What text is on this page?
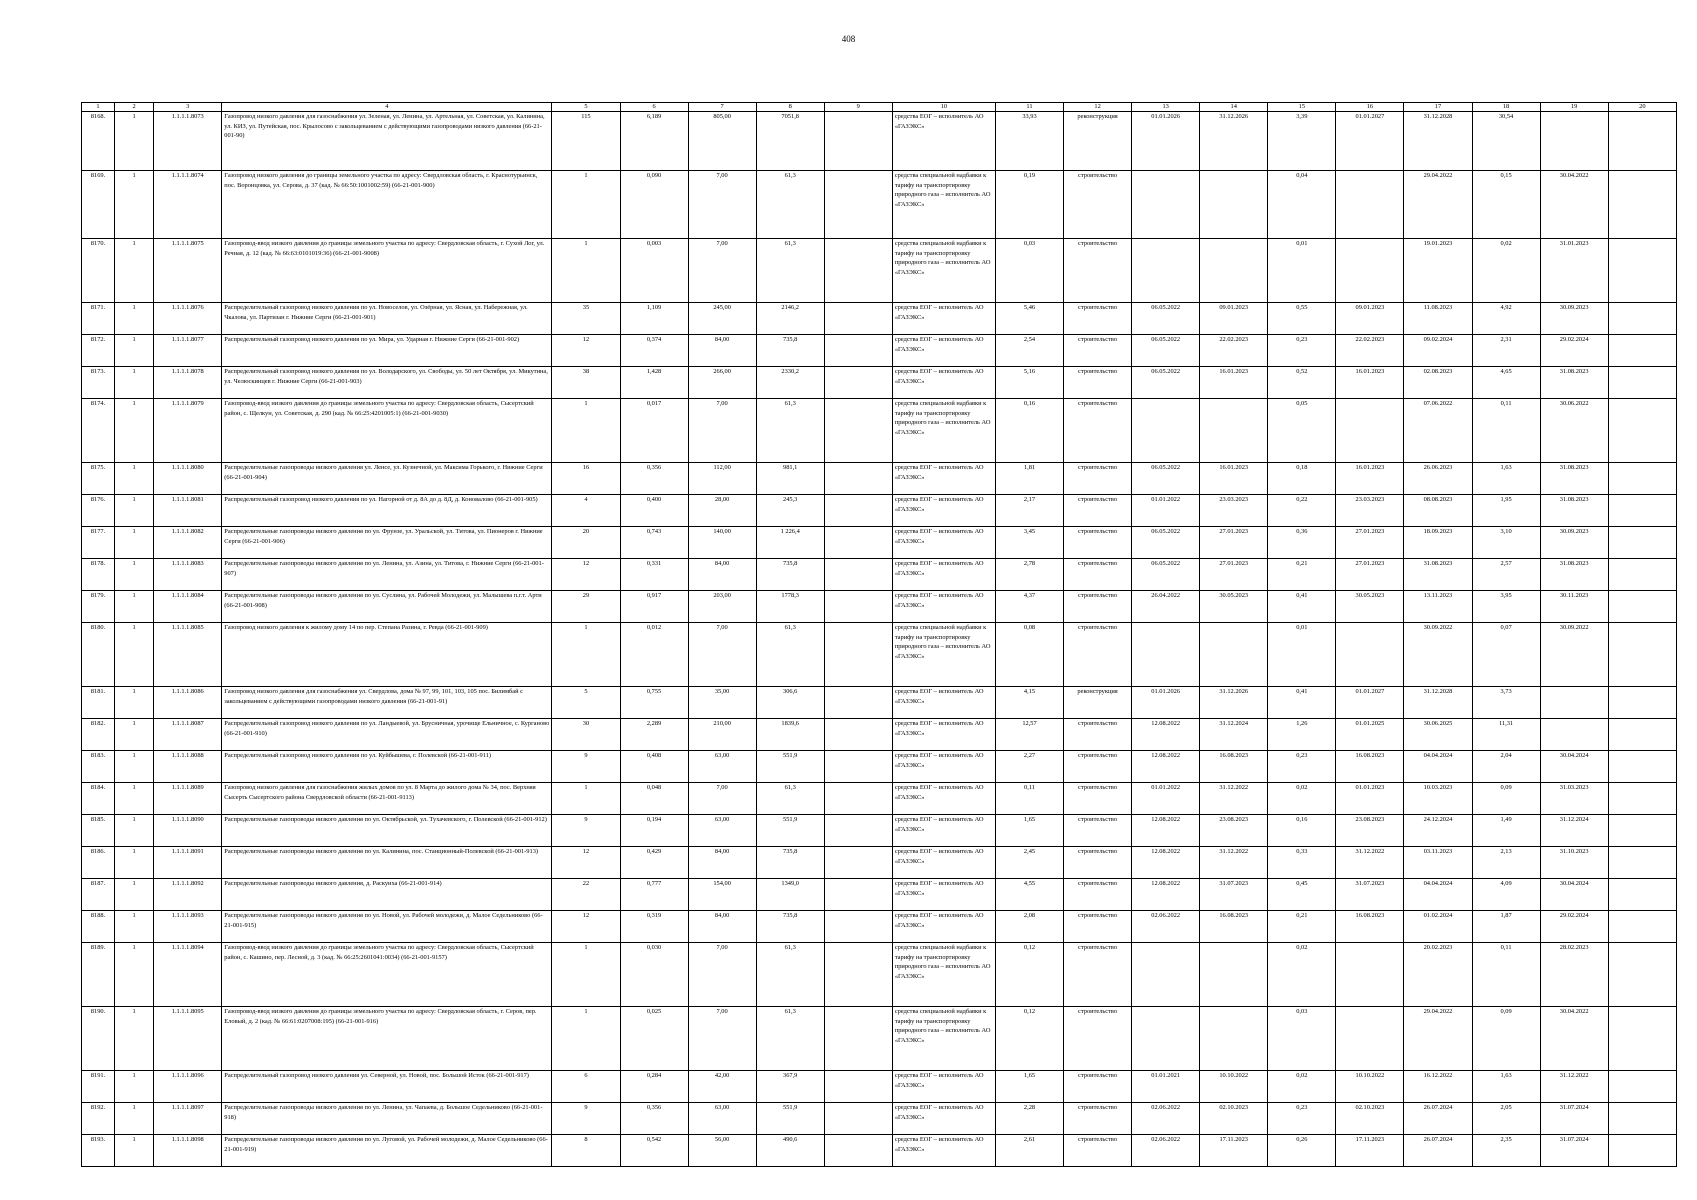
408
1	2	3	4	5	6	7	8	9	10	11	12	13	14	15	16	17	18	19	20
8168.	1	1.1.1.1.8073	Газопровод низкого давления для газоснабжения ул. Зеленая, ул. Ленина, ул. Артельная, ул. Советская, ул. Калинина, ул. КИЗ, ул. Путейская, пос. Крылосово с закольцеванием с действующими газопроводами низкого давления (66-21-001-90)	115	6,189	805,00	7051,8		средства ЕОГ – исполнитель АО «ГАЗЭКС»	33,93	реконструкция	01.01.2026	31.12.2026	3,39	01.01.2027	31.12.2028	30,54		
8169.	1	1.1.1.1.8074	Газопровод низкого давления до границы земельного участка по адресу: Свердловская область, г. Краснотурьинск, пос. Воронцовка, ул. Серова, д. 37 (кад. № 66:50:1001002:59) (66-21-001-900)	1	0,090	7,00	61,3		средства специальной надбавки к тарифу на транспортировку природного газа – исполнитель АО «ГАЗЭКС»	0,19	строительство			0,04		29.04.2022	0,15	30.04.2022	
8170.	1	1.1.1.1.8075	Газопровод-ввод низкого давления до границы земельного участка по адресу: Свердловская область, г. Сухой Лог, ул. Речная, д. 12 (кад. № 66:63:0101019:36) (66-21-001-9008)	1	0,003	7,00	61,3		средства специальной надбавки к тарифу на транспортировку природного газа – исполнитель АО «ГАЗЭКС»	0,03	строительство			0,01		19.01.2023	0,02	31.01.2023	
8171.	1	1.1.1.1.8076	Распределительный газопровод низкого давления по ул. Новоселов, ул. Озёрная, ул. Ясная, ул. Набережная, ул. Чкалова, ул. Партизан г. Нижние Серги (66-21-001-901)	35	1,109	245,00	2146,2		средства ЕОГ – исполнитель АО «ГАЗЭКС»	5,46	строительство	06.05.2022	09.01.2023	0,55	09.01.2023	11.08.2023	4,92	30.09.2023	
8172.	1	1.1.1.1.8077	Распределительный газопровод низкого давления по ул. Мира, ул. Ударная г. Нижние Серги (66-21-001-902)	12	0,374	84,00	735,8		средства ЕОГ – исполнитель АО «ГАЗЭКС»	2,54	строительство	06.05.2022	22.02.2023	0,23	22.02.2023	09.02.2024	2,31	29.02.2024	
8173.	1	1.1.1.1.8078	Распределительный газопровод низкого давления по ул. Володарского, ул. Свободы, ул. 50 лет Октября, ул. Микутина, ул. Челюскинцев г. Нижние Серги (66-21-001-903)	38	1,428	266,00	2330,2		средства ЕОГ – исполнитель АО «ГАЗЭКС»	5,16	строительство	06.05.2022	16.01.2023	0,52	16.01.2023	02.08.2023	4,65	31.08.2023	
8174.	1	1.1.1.1.8079	Газопровод-ввод низкого давления до границы земельного участка по адресу: Свердловская область, Сысертский район, с. Щелкун, ул. Советская, д. 290 (кад. № 66:25:4201005:1) (66-21-001-9030)	1	0,017	7,00	61,3		средства специальной надбавки к тарифу на транспортировку природного газа – исполнитель АО «ГАЗЭКС»	0,16	строительство			0,05		07.06.2022	0,11	30.06.2022	
8175.	1	1.1.1.1.8080	Распределительные газопроводы низкого давления ул. Ленсе, ул. Кузнечной, ул. Максима Горького, г. Нижние Серги (66-21-001-904)	16	0,356	112,00	981,1		средства ЕОГ – исполнитель АО «ГАЗЭКС»	1,81	строительство	06.05.2022	16.01.2023	0,18	16.01.2023	26.06.2023	1,63	31.08.2023	
8176.	1	1.1.1.1.8081	Распределительный газопровод низкого давления по ул. Нагорной от д. 8А до д. 8Д, д. Коновалово (66-21-001-905)	4	0,400	28,00	245,3		средства ЕОГ – исполнитель АО «ГАЗЭКС»	2,17	строительство	01.01.2022	23.03.2023	0,22	23.03.2023	08.08.2023	1,95	31.08.2023	
8177.	1	1.1.1.1.8082	Распределительные газопроводы низкого давления по ул. Фрунзе, ул. Уральской, ул. Титова, ул. Пионеров г. Нижние Серги (66-21-001-906)	20	0,743	140,00	1 226,4		средства ЕОГ – исполнитель АО «ГАЗЭКС»	3,45	строительство	06.05.2022	27.01.2023	0,36	27.01.2023	18.09.2023	3,10	30.09.2023	
8178.	1	1.1.1.1.8083	Распределительные газопроводы низкого давления по ул. Ленина, ул. Азина, ул. Титова, г. Нижние Серги (66-21-001-907)	12	0,331	84,00	735,8		средства ЕОГ – исполнитель АО «ГАЗЭКС»	2,78	строительство	06.05.2022	27.01.2023	0,21	27.01.2023	31.08.2023	2,57	31.08.2023	
8179.	1	1.1.1.1.8084	Распределительные газопроводы низкого давления по ул. Суслина, ул. Рабочей Молодежи, ул. Малышева п.г.т. Арти (66-21-001-908)	29	0,917	203,00	1778,3		средства ЕОГ – исполнитель АО «ГАЗЭКС»	4,37	строительство	26.04.2022	30.05.2023	0,41	30.05.2023	13.11.2023	3,95	30.11.2023	
8180.	1	1.1.1.1.8085	Газопровод низкого давления к жилому дому 14 по пер. Степана Разина, г. Ревда (66-21-001-909)	1	0,012	7,00	61,3		средства специальной надбавки к тарифу на транспортировку природного газа – исполнитель АО «ГАЗЭКС»	0,08	строительство			0,01		30.09.2022	0,07	30.09.2022	
8181.	1	1.1.1.1.8086	Газопровод низкого давления для газоснабжения ул. Свердлова, дома № 97, 99, 101, 103, 105 пос. Билимбай с закольцеванием с действующими газопроводами низкого давления (66-21-001-91)	5	0,755	35,00	306,6		средства ЕОГ – исполнитель АО «ГАЗЭКС»	4,15	реконструкция	01.01.2026	31.12.2026	0,41	01.01.2027	31.12.2028	3,73		
8182.	1	1.1.1.1.8087	Распределительный газопровод низкого давления по ул. Ландыевой, ул. Брусничная, урочище Ельничное, с. Курганово (66-21-001-910)	30	2,289	210,00	1839,6		средства ЕОГ – исполнитель АО «ГАЗЭКС»	12,57	строительство	12.08.2022	31.12.2024	1,26	01.01.2025	30.06.2025	11,31		
8183.	1	1.1.1.1.8088	Распределительный газопровод низкого давления по ул. Куйбышева, г. Полевской (66-21-001-911)	9	0,408	63,00	551,9		средства ЕОГ – исполнитель АО «ГАЗЭКС»	2,27	строительство	12.08.2022	16.08.2023	0,23	16.08.2023	04.04.2024	2,04	30.04.2024	
8184.	1	1.1.1.1.8089	Газопровод низкого давления для газоснабжения жилых домов по ул. 8 Марта до жилого дома № 34, пос. Верхняя Сысерть Сысертского района Свердловской области (66-21-001-9113)	1	0,048	7,00	61,3		средства ЕОГ – исполнитель АО «ГАЗЭКС»	0,11	строительство	01.01.2022	31.12.2022	0,02	01.01.2023	10.03.2023	0,09	31.03.2023	
8185.	1	1.1.1.1.8090	Распределительные газопроводы низкого давления по ул. Октябрьской, ул. Тухачевского, г. Полевской (66-21-001-912)	9	0,194	63,00	551,9		средства ЕОГ – исполнитель АО «ГАЗЭКС»	1,65	строительство	12.08.2022	23.08.2023	0,16	23.08.2023	24.12.2024	1,49	31.12.2024	
8186.	1	1.1.1.1.8091	Распределительные газопроводы низкого давления по ул. Калинина, пос. Станционный-Полевской (66-21-001-913)	12	0,429	84,00	735,8		средства ЕОГ – исполнитель АО «ГАЗЭКС»	2,45	строительство	12.08.2022	31.12.2022	0,33	31.12.2022	03.11.2023	2,13	31.10.2023	
8187.	1	1.1.1.1.8092	Распределительные газопроводы низкого давления, д. Раскуиха (66-21-001-914)	22	0,777	154,00	1349,0		средства ЕОГ – исполнитель АО «ГАЗЭКС»	4,55	строительство	12.08.2022	31.07.2023	0,45	31.07.2023	04.04.2024	4,09	30.04.2024	
8188.	1	1.1.1.1.8093	Распределительные газопроводы низкого давления по ул. Новой, ул. Рабочей молодежи, д. Малое Седельниково (66-21-001-915)	12	0,319	84,00	735,8		средства ЕОГ – исполнитель АО «ГАЗЭКС»	2,08	строительство	02.06.2022	16.08.2023	0,21	16.08.2023	01.02.2024	1,87	29.02.2024	
8189.	1	1.1.1.1.8094	Газопровод-ввод низкого давления до границы земельного участка по адресу: Свердловская область, Сысертский район, с. Кашино, пер. Лесной, д. 3 (кад. № 66:25:2601041:0034) (66-21-001-9157)	1	0,030	7,00	61,3		средства специальной надбавки к тарифу на транспортировку природного газа – исполнитель АО «ГАЗЭКС»	0,12	строительство			0,02		20.02.2023	0,11	28.02.2023	
8190.	1	1.1.1.1.8095	Газопровод-ввод низкого давления до границы земельного участка по адресу: Свердловская область, г. Серов, пер. Еловый, д. 2 (кад. № 66:61:0207008:195) (66-21-001-916)	1	0,025	7,00	61,3		средства специальной надбавки к тарифу на транспортировку природного газа – исполнитель АО «ГАЗЭКС»	0,12	строительство			0,03		29.04.2022	0,09	30.04.2022	
8191.	1	1.1.1.1.8096	Распределительный газопровод низкого давления ул. Северной, ул. Новой, пос. Большой Исток (66-21-001-917)	6	0,284	42,00	367,9		средства ЕОГ – исполнитель АО «ГАЗЭКС»	1,65	строительство	01.01.2021	10.10.2022	0,02	10.10.2022	16.12.2022	1,63	31.12.2022	
8192.	1	1.1.1.1.8097	Распределительные газопроводы низкого давления по ул. Ленина, ул. Чапаева, д. Большое Седельниково (66-21-001-918)	9	0,356	63,00	551,9		средства ЕОГ – исполнитель АО «ГАЗЭКС»	2,28	строительство	02.06.2022	02.10.2023	0,23	02.10.2023	26.07.2024	2,05	31.07.2024	
8193.	1	1.1.1.1.8098	Распределительные газопроводы низкого давления по ул. Луговой, ул. Рабочей молодежи, д. Малое Седельниково (66-21-001-919)	8	0,542	56,00	490,6		средства ЕОГ – исполнитель АО «ГАЗЭКС»	2,61	строительство	02.06.2022	17.11.2023	0,26	17.11.2023	26.07.2024	2,35	31.07.2024	
